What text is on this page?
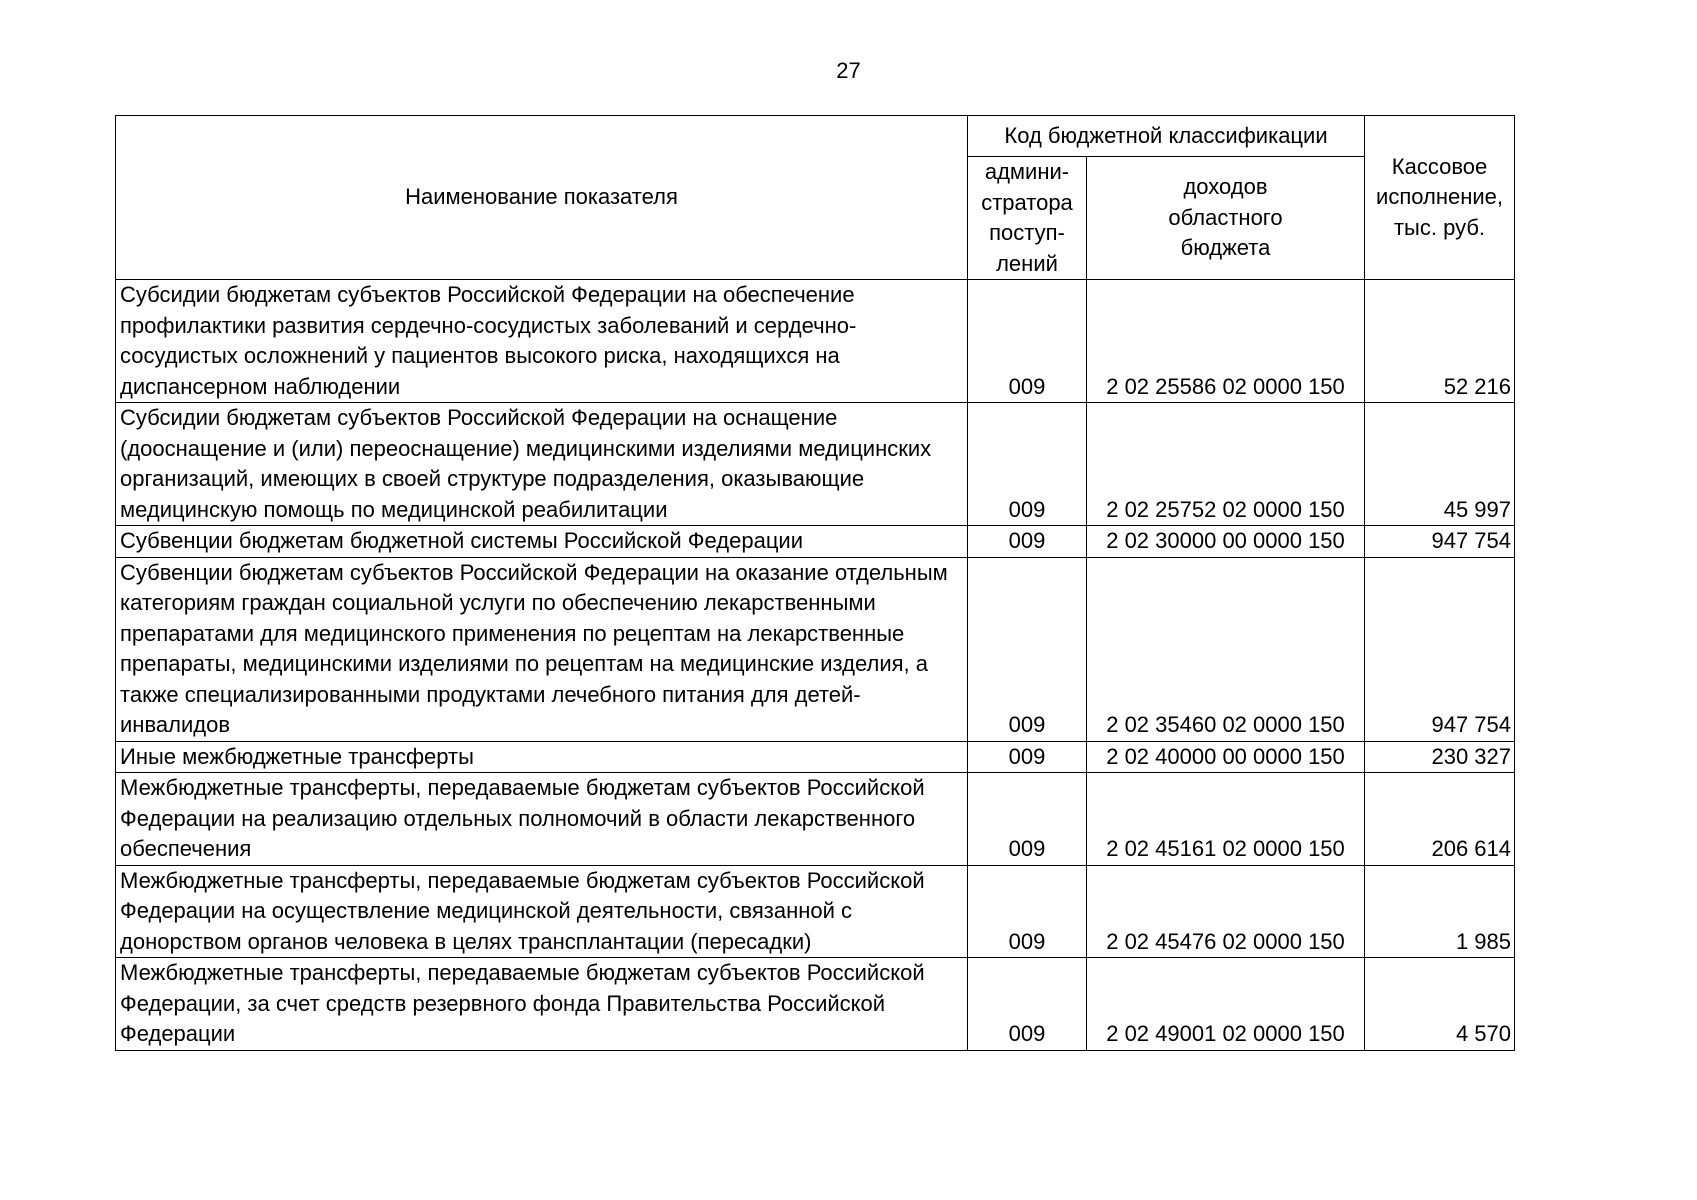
27
Наименование показателя	Код бюджетной классификации		Кассовое
исполнение,
тыс. руб.
	админи-
стратора
поступ-
лений	доходов
областного
бюджета	
Субсидии бюджетам субъектов Российской Федерации на обеспечение профилактики развития сердечно-сосудистых заболеваний и сердечно-сосудистых осложнений у пациентов высокого риска, находящихся на диспансерном наблюдении	009	2 02 25586 02 0000 150	52 216
Субсидии бюджетам субъектов Российской Федерации на оснащение (дооснащение и (или) переоснащение) медицинскими изделиями медицинских организаций, имеющих в своей структуре подразделения, оказывающие медицинскую помощь по медицинской реабилитации	009	2 02 25752 02 0000 150	45 997
Субвенции бюджетам бюджетной системы Российской Федерации	009	2 02 30000 00 0000 150	947 754
Субвенции бюджетам субъектов Российской Федерации на оказание отдельным категориям граждан социальной услуги по обеспечению лекарственными препаратами для медицинского применения по рецептам на лекарственные препараты, медицинскими изделиями по рецептам на медицинские изделия, а также специализированными продуктами лечебного питания для детей-инвалидов	009	2 02 35460 02 0000 150	947 754
Иные межбюджетные трансферты	009	2 02 40000 00 0000 150	230 327
Межбюджетные трансферты, передаваемые бюджетам субъектов Российской Федерации на реализацию отдельных полномочий в области лекарственного обеспечения	009	2 02 45161 02 0000 150	206 614
Межбюджетные трансферты, передаваемые бюджетам субъектов Российской Федерации на осуществление медицинской деятельности, связанной с донорством органов человека в целях трансплантации (пересадки)	009	2 02 45476 02 0000 150	1 985
Межбюджетные трансферты, передаваемые бюджетам субъектов Российской Федерации, за счет средств резервного фонда Правительства Российской Федерации	009	2 02 49001 02 0000 150	4 570
